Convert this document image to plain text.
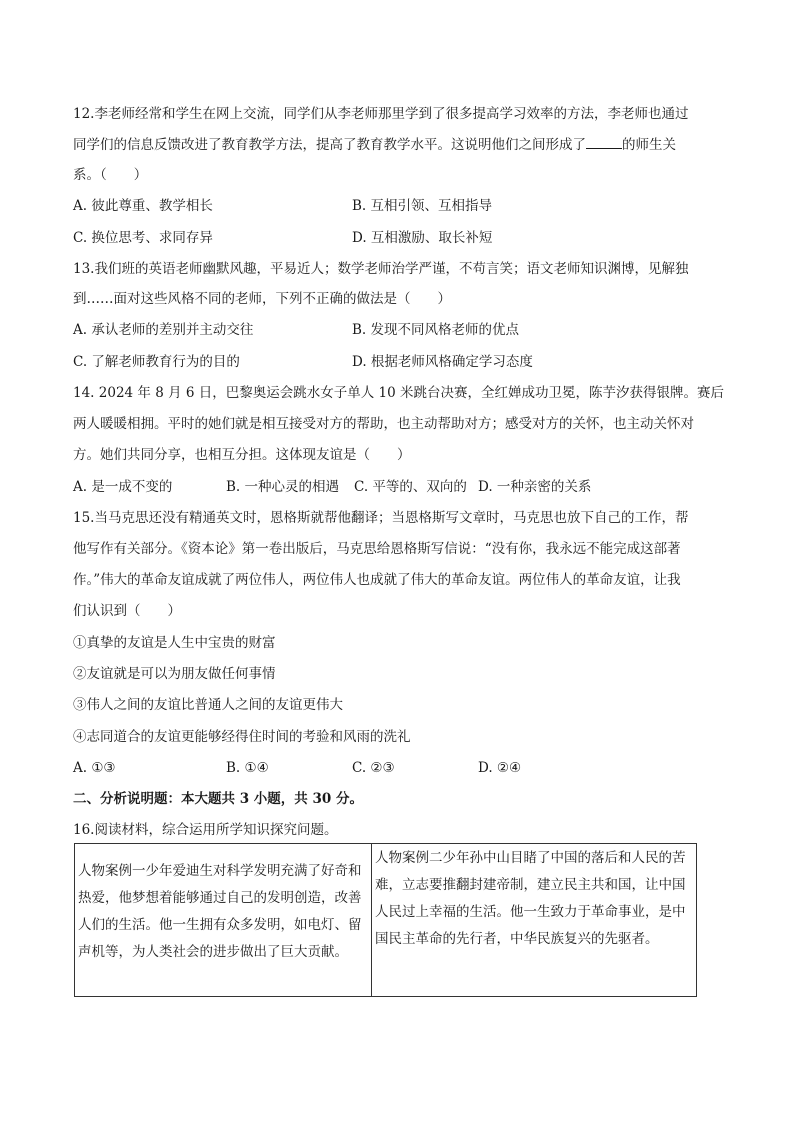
12.李老师经常和学生在网上交流，同学们从李老师那里学到了很多提高学习效率的方法，李老师也通过
同学们的信息反馈改进了教育教学方法，提高了教育教学水平。这说明他们之间形成了	的师生关
系。（　　）
A. 彼此尊重、教学相长	B. 互相引领、互相指导
C. 换位思考、求同存异	D. 互相激励、取长补短
13.我们班的英语老师幽默风趣，平易近人；数学老师治学严谨，不苟言笑；语文老师知识渊博，见解独
到……面对这些风格不同的老师，下列不正确的做法是（　　）
A. 承认老师的差别并主动交往	B. 发现不同风格老师的优点
C. 了解老师教育行为的目的	D. 根据老师风格确定学习态度
14. 2024 年 8 月 6 日，巴黎奥运会跳水女子单人 10 米跳台决赛，全红婵成功卫冕，陈芋汐获得银牌。赛后
两人暖暖相拥。平时的她们就是相互接受对方的帮助，也主动帮助对方；感受对方的关怀，也主动关怀对
方。她们共同分享，也相互分担。这体现友谊是（　　）
A. 是一成不变的	B. 一种心灵的相遇 C. 平等的、双向的 D. 一种亲密的关系
15.当马克思还没有精通英文时，恩格斯就帮他翻译；当恩格斯写文章时，马克思也放下自己的工作，帮
他写作有关部分。《资本论》第一卷出版后，马克思给恩格斯写信说：“没有你，我永远不能完成这部著
作。”伟大的革命友谊成就了两位伟人，两位伟人也成就了伟大的革命友谊。两位伟人的革命友谊，让我
们认识到（　　）
①真挚的友谊是人生中宝贵的财富
②友谊就是可以为朋友做任何事情
③伟人之间的友谊比普通人之间的友谊更伟大
④志同道合的友谊更能够经得住时间的考验和风雨的洗礼
A. ①③	B. ①④	C. ②③	D. ②④
二、分析说明题：本大题共 3 小题，共 30 分。
16.阅读材料，综合运用所学知识探究问题。
人物案例一少年爱迪生对科学发明充满了好奇和热爱，他梦想着能够通过自己的发明创造，改善人们的生活。他一生拥有众多发明，如电灯、留声机等，为人类社会的进步做出了巨大贡献。	人物案例二少年孙中山目睹了中国的落后和人民的苦难，立志要推翻封建帝制，建立民主共和国，让中国人民过上幸福的生活。他一生致力于革命事业，是中国民主革命的先行者，中华民族复兴的先驱者。
